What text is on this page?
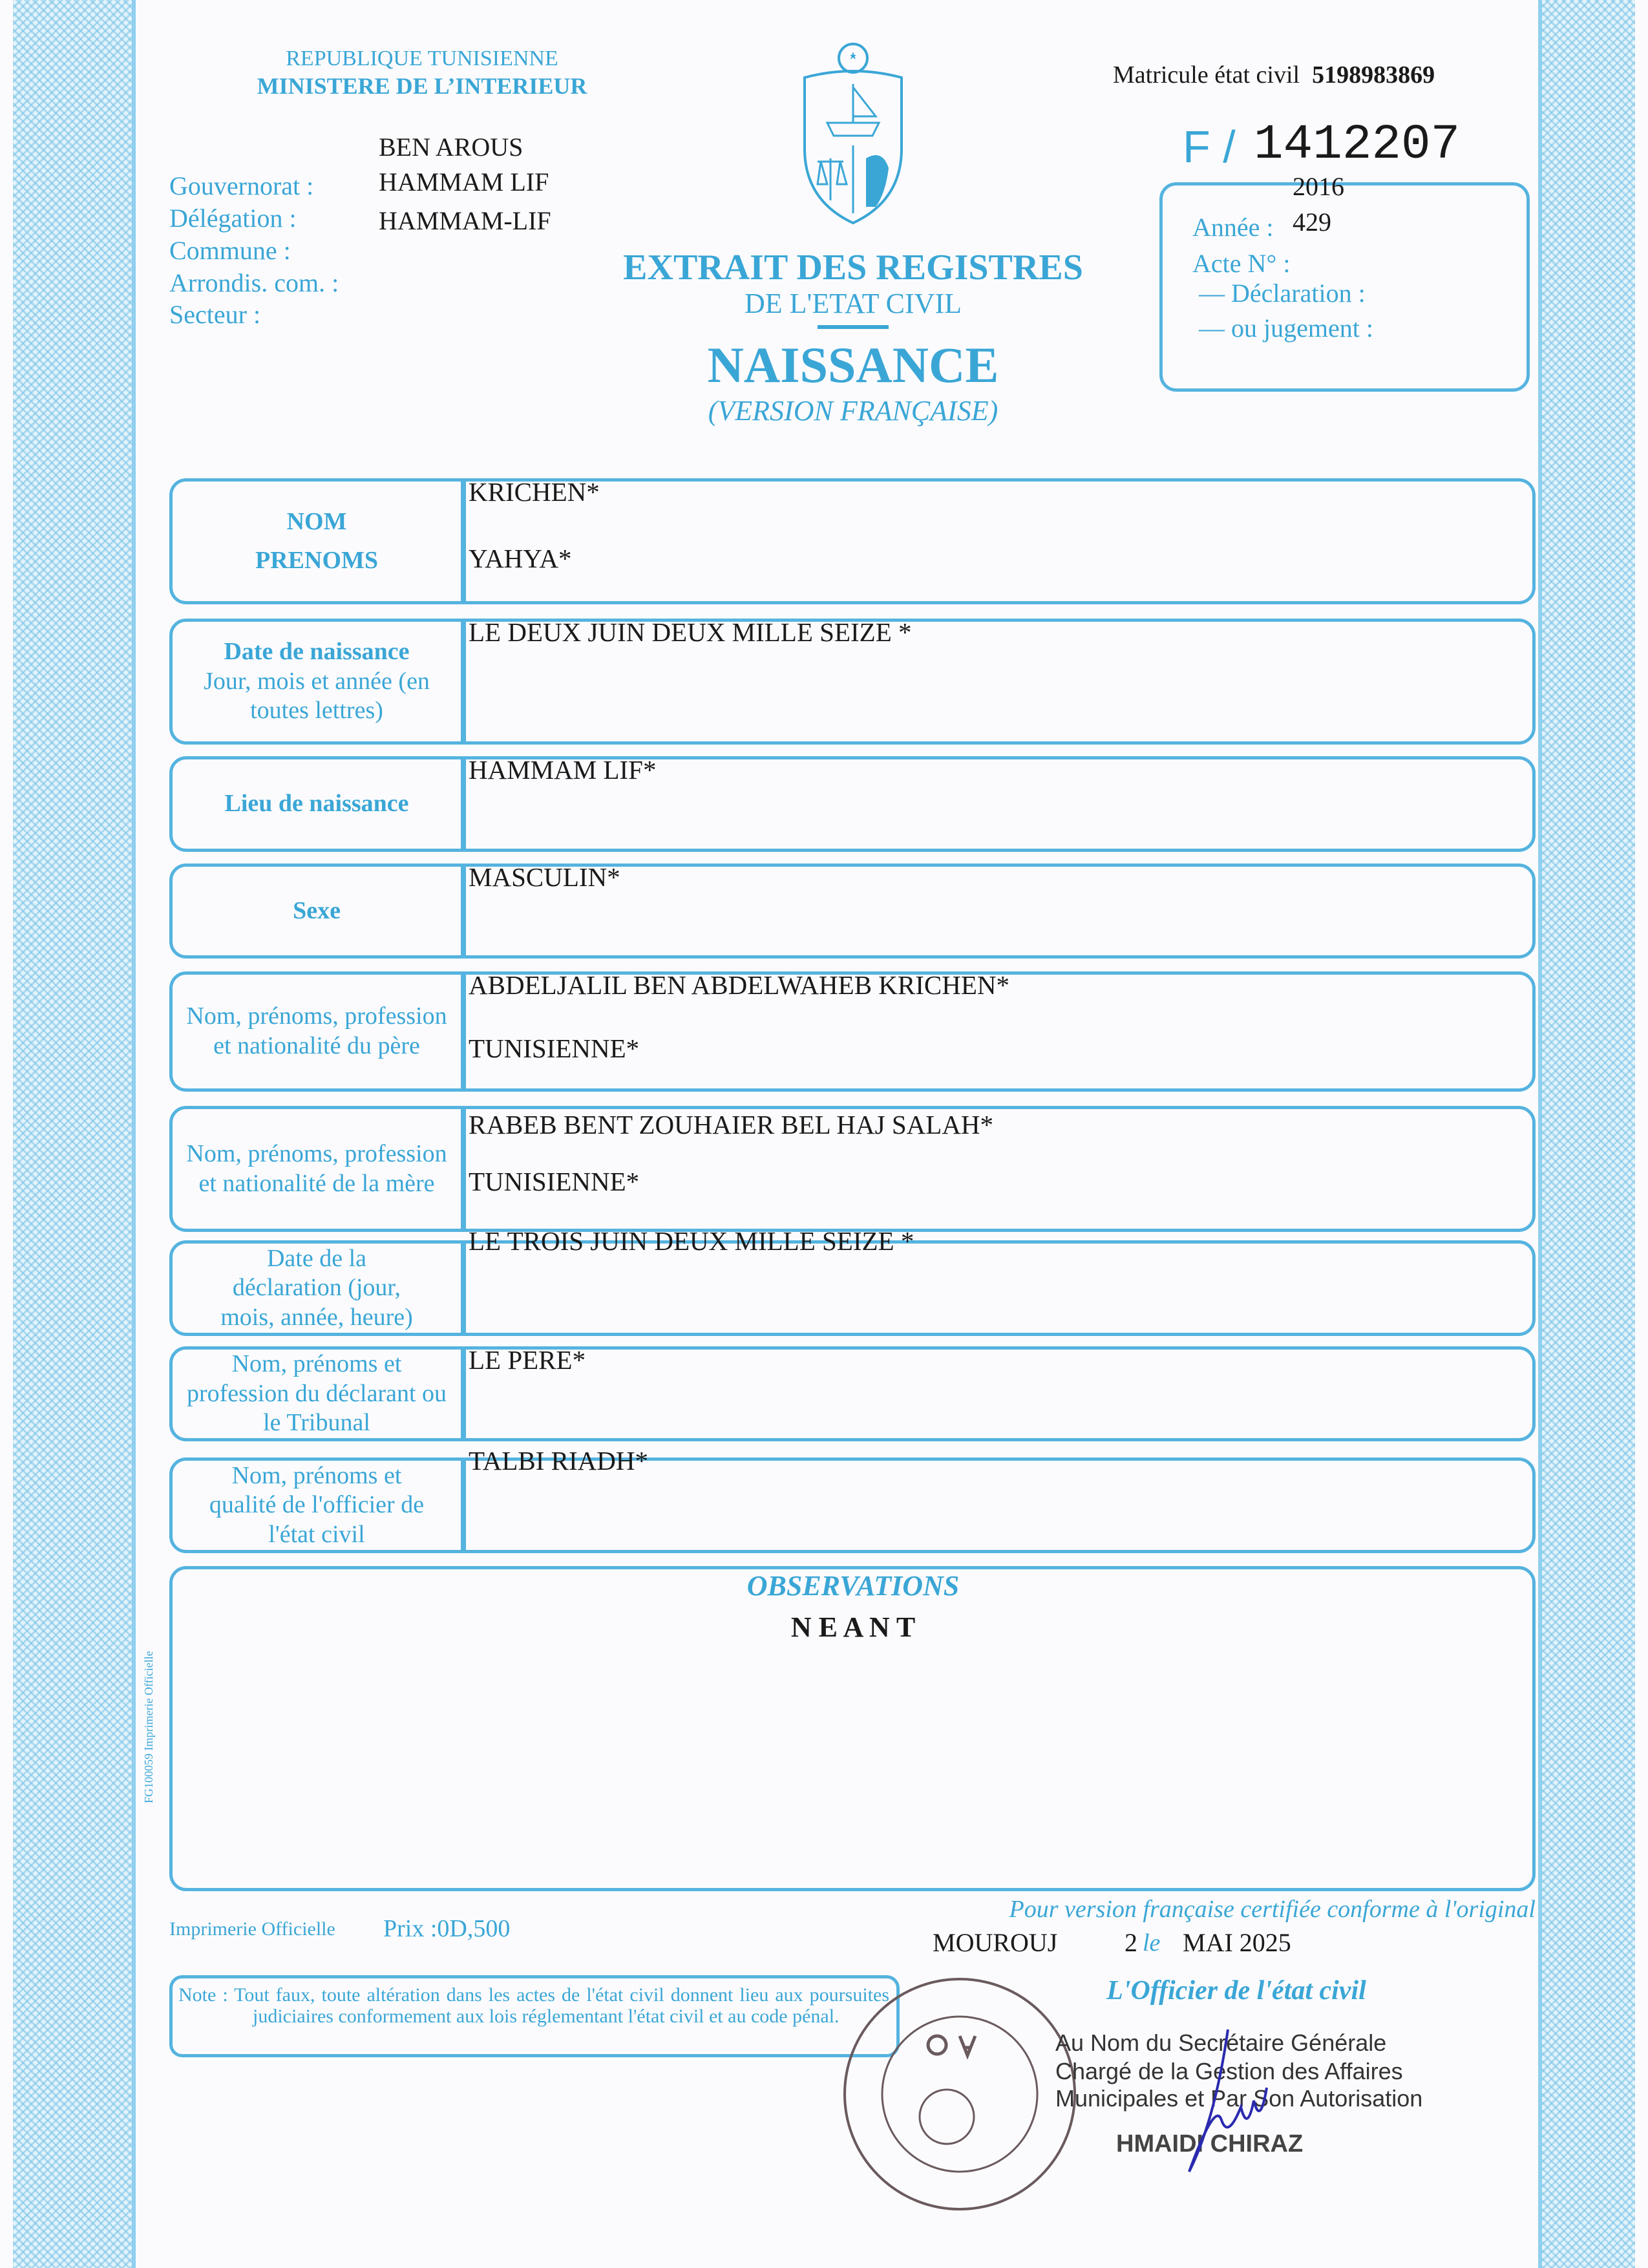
REPUBLIQUE TUNISIENNE
MINISTERE DE L’INTERIEUR
Gouvernorat :
Délégation :
Commune :
Arrondis. com. :
Secteur :
BEN AROUS
HAMMAM LIF
HAMMAM-LIF
Matricule état civil 5198983869
F / 1412207
2016
Année : 429
Acte N° :
— Déclaration :
— ou jugement :
EXTRAIT DES REGISTRES
DE L'ETAT CIVIL
NAISSANCE
(VERSION FRANÇAISE)
NOM
PRENOMS
KRICHEN*
YAHYA*
Date de naissance
Jour, mois et année (en toutes lettres)
LE DEUX JUIN DEUX MILLE SEIZE *
Lieu de naissance
HAMMAM LIF*
Sexe
MASCULIN*
Nom, prénoms, profession et nationalité du père
ABDELJALIL BEN ABDELWAHEB KRICHEN*
TUNISIENNE*
Nom, prénoms, profession et nationalité de la mère
RABEB BENT ZOUHAIER BEL HAJ SALAH*
TUNISIENNE*
Date de la déclaration (jour, mois, année, heure)
LE TROIS JUIN DEUX MILLE SEIZE *
Nom, prénoms et profession du déclarant ou le Tribunal
LE PERE*
Nom, prénoms et qualité de l'officier de l'état civil
TALBI RIADH*
OBSERVATIONS
N E A N T
FG100059 Imprimerie Officielle
Pour version française certifiée conforme à l'original
Imprimerie Officielle Prix :0D,500	MOUROUJ	2 le MAI 2025
Note : Tout faux, toute altération dans les actes de l'état civil donnent lieu aux poursuites judiciaires conformement aux lois réglementant l'état civil et au code pénal.
L'Officier de l'état civil
Au Nom du Secrétaire Générale
Chargé de la Gestion des Affaires
Municipales et Par Son Autorisation
HMAIDI CHIRAZ
